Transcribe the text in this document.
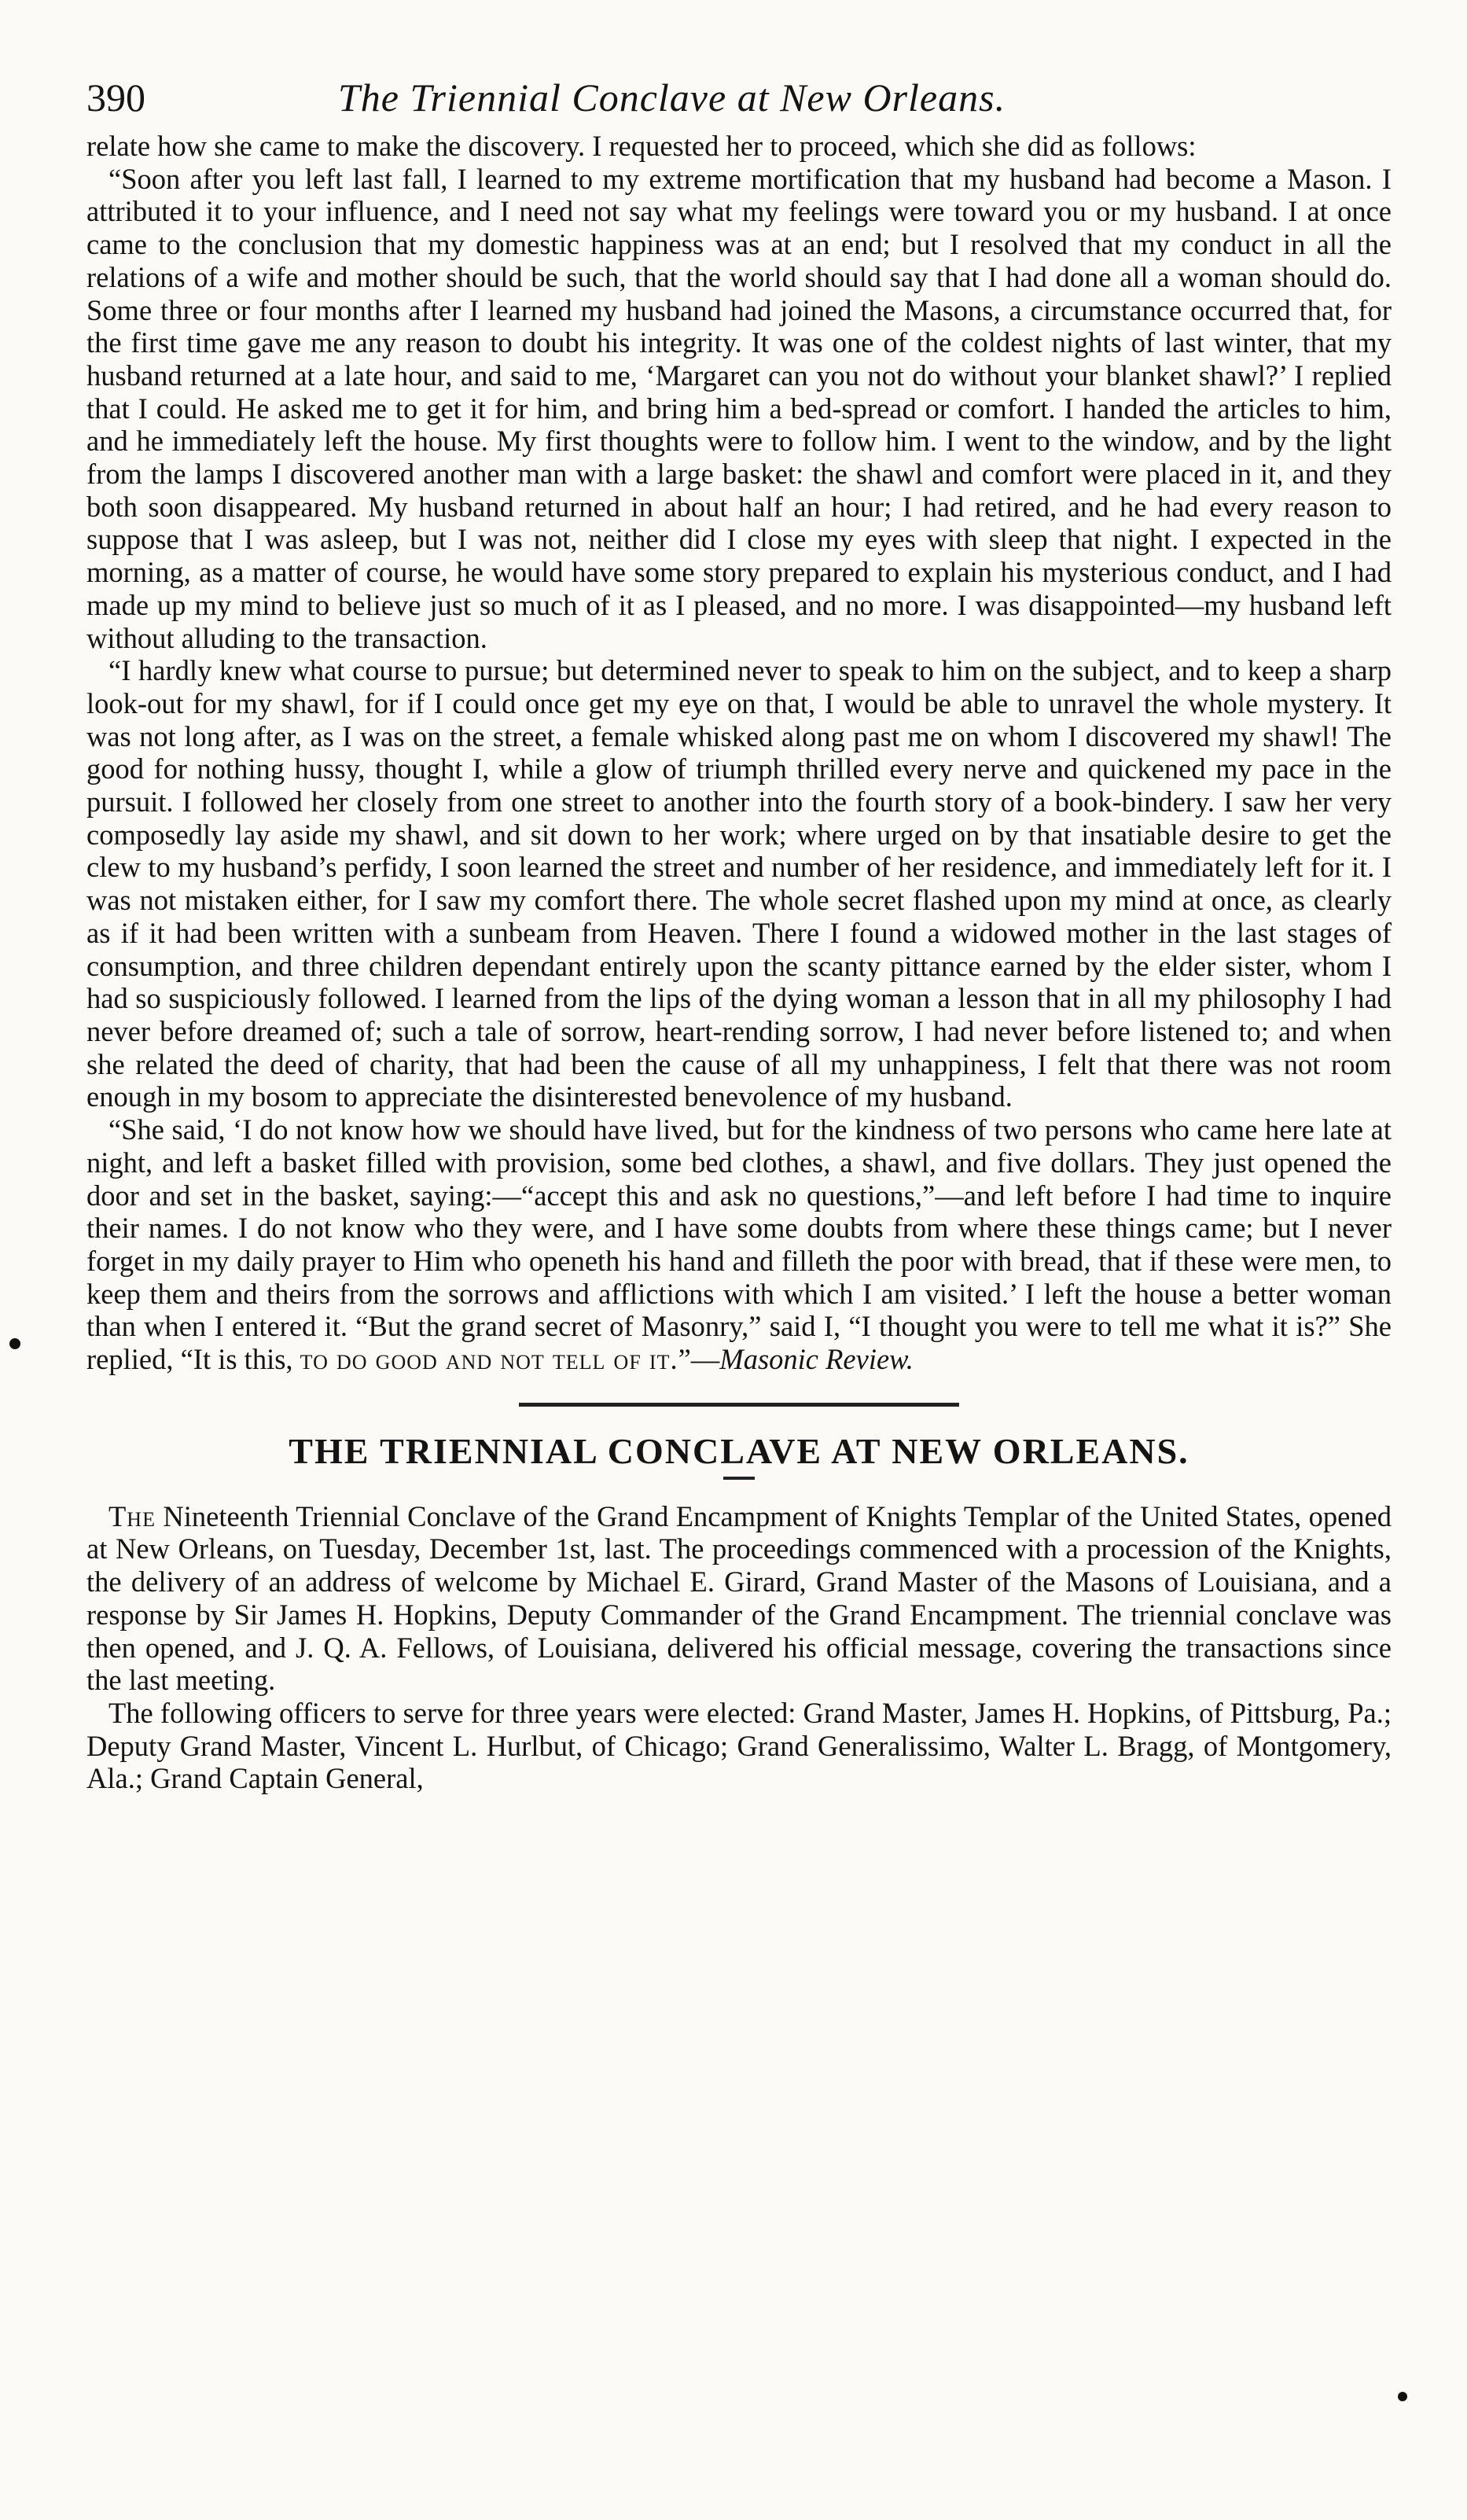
390	The Triennial Conclave at New Orleans.

relate how she came to make the discovery. I requested her to proceed, which she did as follows:

“Soon after you left last fall, I learned to my extreme mortification that my husband had become a Mason. I attributed it to your influence, and I need not say what my feelings were toward you or my husband. I at once came to the conclusion that my domestic happiness was at an end; but I resolved that my conduct in all the relations of a wife and mother should be such, that the world should say that I had done all a woman should do. Some three or four months after I learned my husband had joined the Masons, a circumstance occurred that, for the first time gave me any reason to doubt his integrity. It was one of the coldest nights of last winter, that my husband returned at a late hour, and said to me, ‘Margaret can you not do without your blanket shawl?’ I replied that I could. He asked me to get it for him, and bring him a bed-spread or comfort. I handed the articles to him, and he immediately left the house. My first thoughts were to follow him. I went to the window, and by the light from the lamps I discovered another man with a large basket: the shawl and comfort were placed in it, and they both soon disappeared. My husband returned in about half an hour; I had retired, and he had every reason to suppose that I was asleep, but I was not, neither did I close my eyes with sleep that night. I expected in the morning, as a matter of course, he would have some story prepared to explain his mysterious conduct, and I had made up my mind to believe just so much of it as I pleased, and no more. I was disappointed—my husband left without alluding to the transaction.

“I hardly knew what course to pursue; but determined never to speak to him on the subject, and to keep a sharp look-out for my shawl, for if I could once get my eye on that, I would be able to unravel the whole mystery. It was not long after, as I was on the street, a female whisked along past me on whom I discovered my shawl! The good for nothing hussy, thought I, while a glow of triumph thrilled every nerve and quickened my pace in the pursuit. I followed her closely from one street to another into the fourth story of a book-bindery. I saw her very composedly lay aside my shawl, and sit down to her work; where urged on by that insatiable desire to get the clew to my husband’s perfidy, I soon learned the street and number of her residence, and immediately left for it. I was not mistaken either, for I saw my comfort there. The whole secret flashed upon my mind at once, as clearly as if it had been written with a sunbeam from Heaven. There I found a widowed mother in the last stages of consumption, and three children dependant entirely upon the scanty pittance earned by the elder sister, whom I had so suspiciously followed. I learned from the lips of the dying woman a lesson that in all my philosophy I had never before dreamed of; such a tale of sorrow, heart-rending sorrow, I had never before listened to; and when she related the deed of charity, that had been the cause of all my unhappiness, I felt that there was not room enough in my bosom to appreciate the disinterested benevolence of my husband.

“She said, ‘I do not know how we should have lived, but for the kindness of two persons who came here late at night, and left a basket filled with provision, some bed clothes, a shawl, and five dollars. They just opened the door and set in the basket, saying:—“accept this and ask no questions,”—and left before I had time to inquire their names. I do not know who they were, and I have some doubts from where these things came; but I never forget in my daily prayer to Him who openeth his hand and filleth the poor with bread, that if these were men, to keep them and theirs from the sorrows and afflictions with which I am visited.’ I left the house a better woman than when I entered it. “But the grand secret of Masonry,” said I, “I thought you were to tell me what it is?” She replied, “It is this, to do good and not tell of it.”—Masonic Review.

THE TRIENNIAL CONCLAVE AT NEW ORLEANS.

The Nineteenth Triennial Conclave of the Grand Encampment of Knights Templar of the United States, opened at New Orleans, on Tuesday, December 1st, last. The proceedings commenced with a procession of the Knights, the delivery of an address of welcome by Michael E. Girard, Grand Master of the Masons of Louisiana, and a response by Sir James H. Hopkins, Deputy Commander of the Grand Encampment. The triennial conclave was then opened, and J. Q. A. Fellows, of Louisiana, delivered his official message, covering the transactions since the last meeting.

The following officers to serve for three years were elected: Grand Master, James H. Hopkins, of Pittsburg, Pa.; Deputy Grand Master, Vincent L. Hurlbut, of Chicago; Grand Generalissimo, Walter L. Bragg, of Montgomery, Ala.; Grand Captain General,
